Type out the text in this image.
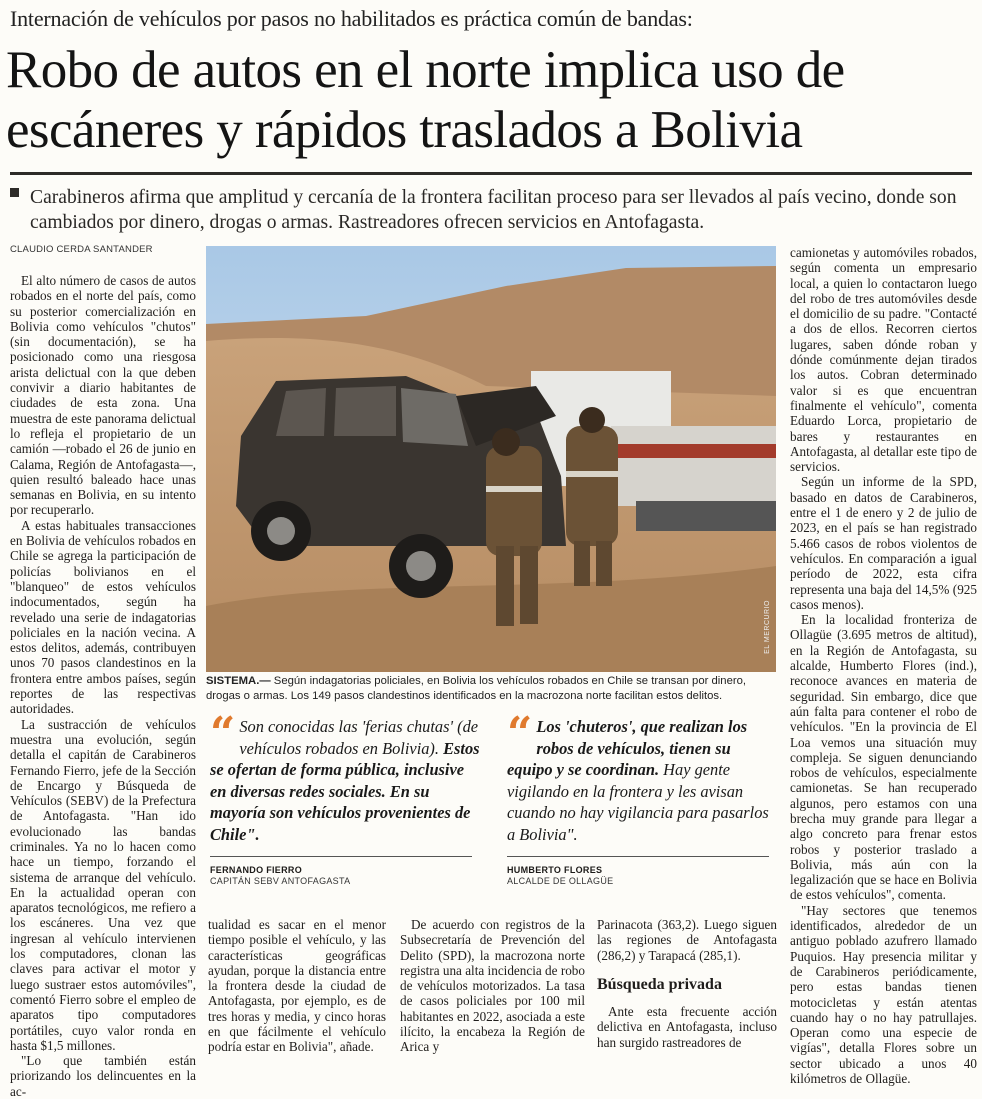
Internación de vehículos por pasos no habilitados es práctica común de bandas:
Robo de autos en el norte implica uso de escáneres y rápidos traslados a Bolivia
Carabineros afirma que amplitud y cercanía de la frontera facilitan proceso para ser llevados al país vecino, donde son cambiados por dinero, drogas o armas. Rastreadores ofrecen servicios en Antofagasta.
CLAUDIO CERDA SANTANDER

El alto número de casos de autos robados en el norte del país, como su posterior comercialización en Bolivia como vehículos "chutos" (sin documentación), se ha posicionado como una riesgosa arista delictual con la que deben convivir a diario habitantes de ciudades de esta zona. Una muestra de este panorama delictual lo refleja el propietario de un camión —robado el 26 de junio en Calama, Región de Antofagasta—, quien resultó baleado hace unas semanas en Bolivia, en su intento por recuperarlo.

A estas habituales transacciones en Bolivia de vehículos robados en Chile se agrega la participación de policías bolivianos en el "blanqueo" de estos vehículos indocumentados, según ha revelado una serie de indagatorias policiales en la nación vecina. A estos delitos, además, contribuyen unos 70 pasos clandestinos en la frontera entre ambos países, según reportes de las respectivas autoridades.

La sustracción de vehículos muestra una evolución, según detalla el capitán de Carabineros Fernando Fierro, jefe de la Sección de Encargo y Búsqueda de Vehículos (SEBV) de la Prefectura de Antofagasta. "Han ido evolucionado las bandas criminales. Ya no lo hacen como hace un tiempo, forzando el sistema de arranque del vehículo. En la actualidad operan con aparatos tecnológicos, me refiero a los escáneres. Una vez que ingresan al vehículo intervienen los computadores, clonan las claves para activar el motor y luego sustraer estos automóviles", comentó Fierro sobre el empleo de aparatos tipo computadores portátiles, cuyo valor ronda en hasta $1,5 millones.

"Lo que también están priorizando los delincuentes en la ac-

EL MERCURIO
SISTEMA.— Según indagatorias policiales, en Bolivia los vehículos robados en Chile se transan por dinero, drogas o armas. Los 149 pasos clandestinos identificados en la macrozona norte facilitan estos delitos.
“ Son conocidas las 'ferias chutas' (de vehículos robados en Bolivia). Estos se ofertan de forma pública, inclusive en diversas redes sociales. En su mayoría son vehículos provenientes de Chile".
FERNANDO FIERRO
CAPITÁN SEBV ANTOFAGASTA
“ Los 'chuteros', que realizan los robos de vehículos, tienen su equipo y se coordinan. Hay gente vigilando en la frontera y les avisan cuando no hay vigilancia para pasarlos a Bolivia".
HUMBERTO FLORES
ALCALDE DE OLLAGÜE

tualidad es sacar en el menor tiempo posible el vehículo, y las características geográficas ayudan, porque la distancia entre la frontera desde la ciudad de Antofagasta, por ejemplo, es de tres horas y media, y cinco horas en que fácilmente el vehículo podría estar en Bolivia", añade.

De acuerdo con registros de la Subsecretaría de Prevención del Delito (SPD), la macrozona norte registra una alta incidencia de robo de vehículos motorizados. La tasa de casos policiales por 100 mil habitantes en 2022, asociada a este ilícito, la encabeza la Región de Arica y

Parinacota (363,2). Luego siguen las regiones de Antofagasta (286,2) y Tarapacá (285,1).

Búsqueda privada

Ante esta frecuente acción delictiva en Antofagasta, incluso han surgido rastreadores de

camionetas y automóviles robados, según comenta un empresario local, a quien lo contactaron luego del robo de tres automóviles desde el domicilio de su padre. "Contacté a dos de ellos. Recorren ciertos lugares, saben dónde roban y dónde comúnmente dejan tirados los autos. Cobran determinado valor si es que encuentran finalmente el vehículo", comenta Eduardo Lorca, propietario de bares y restaurantes en Antofagasta, al detallar este tipo de servicios.

Según un informe de la SPD, basado en datos de Carabineros, entre el 1 de enero y 2 de julio de 2023, en el país se han registrado 5.466 casos de robos violentos de vehículos. En comparación a igual período de 2022, esta cifra representa una baja del 14,5% (925 casos menos).

En la localidad fronteriza de Ollagüe (3.695 metros de altitud), en la Región de Antofagasta, su alcalde, Humberto Flores (ind.), reconoce avances en materia de seguridad. Sin embargo, dice que aún falta para contener el robo de vehículos. "En la provincia de El Loa vemos una situación muy compleja. Se siguen denunciando robos de vehículos, especialmente camionetas. Se han recuperado algunos, pero estamos con una brecha muy grande para llegar a algo concreto para frenar estos robos y posterior traslado a Bolivia, más aún con la legalización que se hace en Bolivia de estos vehículos", comenta.

"Hay sectores que tenemos identificados, alrededor de un antiguo poblado azufrero llamado Puquios. Hay presencia militar y de Carabineros periódicamente, pero estas bandas tienen motocicletas y están atentas cuando hay o no hay patrullajes. Operan como una especie de vigías", detalla Flores sobre un sector ubicado a unos 40 kilómetros de Ollagüe.
